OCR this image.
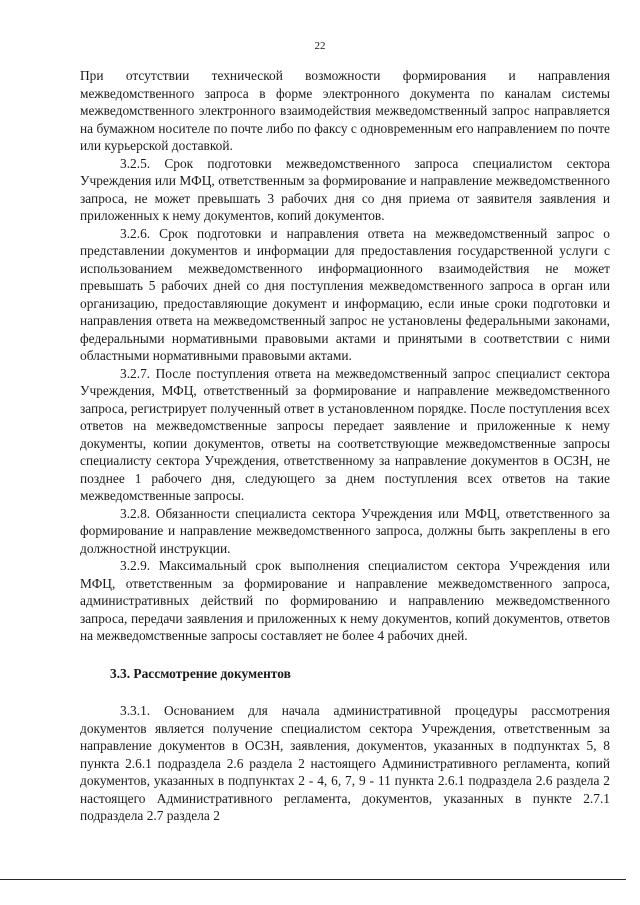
22

При отсутствии технической возможности формирования и направления межведомственного запроса в форме электронного документа по каналам системы межведомственного электронного взаимодействия межведомственный запрос направляется на бумажном носителе по почте либо по факсу с одновременным его направлением по почте или курьерской доставкой.

3.2.5. Срок подготовки межведомственного запроса специалистом сектора Учреждения или МФЦ, ответственным за формирование и направление межведомственного запроса, не может превышать 3 рабочих дня со дня приема от заявителя заявления и приложенных к нему документов, копий документов.

3.2.6. Срок подготовки и направления ответа на межведомственный запрос о представлении документов и информации для предоставления государственной услуги с использованием межведомственного информационного взаимодействия не может превышать 5 рабочих дней со дня поступления межведомственного запроса в орган или организацию, предоставляющие документ и информацию, если иные сроки подготовки и направления ответа на межведомственный запрос не установлены федеральными законами, федеральными нормативными правовыми актами и принятыми в соответствии с ними областными нормативными правовыми актами.

3.2.7. После поступления ответа на межведомственный запрос специалист сектора Учреждения, МФЦ, ответственный за формирование и направление межведомственного запроса, регистрирует полученный ответ в установленном порядке. После поступления всех ответов на межведомственные запросы передает заявление и приложенные к нему документы, копии документов, ответы на соответствующие межведомственные запросы специалисту сектора Учреждения, ответственному за направление документов в ОСЗН, не позднее 1 рабочего дня, следующего за днем поступления всех ответов на такие межведомственные запросы.

3.2.8. Обязанности специалиста сектора Учреждения или МФЦ, ответственного за формирование и направление межведомственного запроса, должны быть закреплены в его должностной инструкции.

3.2.9. Максимальный срок выполнения специалистом сектора Учреждения или МФЦ, ответственным за формирование и направление межведомственного запроса, административных действий по формированию и направлению межведомственного запроса, передачи заявления и приложенных к нему документов, копий документов, ответов на межведомственные запросы составляет не более 4 рабочих дней.

3.3. Рассмотрение документов

3.3.1. Основанием для начала административной процедуры рассмотрения документов является получение специалистом сектора Учреждения, ответственным за направление документов в ОСЗН, заявления, документов, указанных в подпунктах 5, 8 пункта 2.6.1 подраздела 2.6 раздела 2 настоящего Административного регламента, копий документов, указанных в подпунктах 2 - 4, 6, 7, 9 - 11 пункта 2.6.1 подраздела 2.6 раздела 2 настоящего Административного регламента, документов, указанных в пункте 2.7.1 подраздела 2.7 раздела 2
